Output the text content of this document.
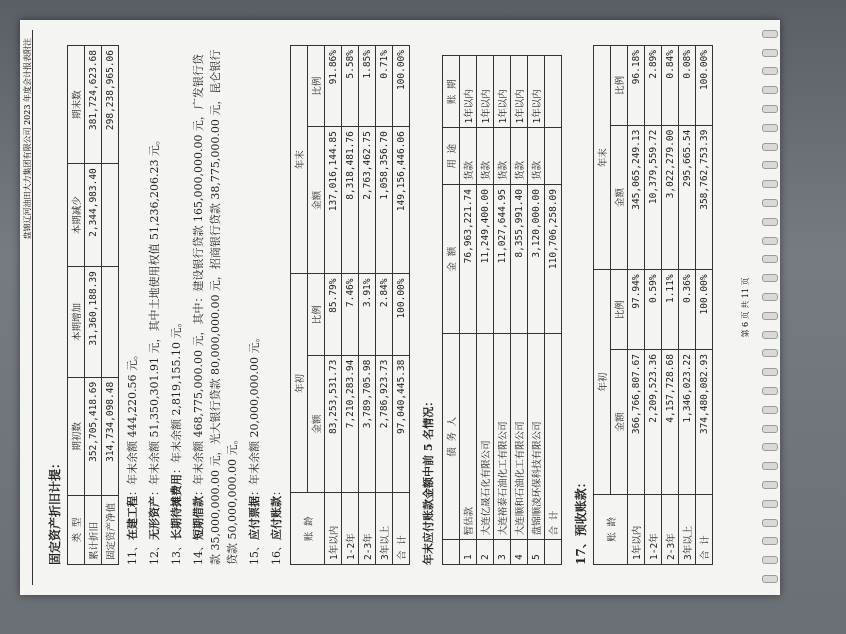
盘锦辽河油田大力集团有限公司 2023 年度会计报表附注
固定资产折旧计提： 类 型	期初数	本期增加	本期减少	期末数
累计折旧	352,705,418.69	31,360,188.39	2,344,983.40	381,724,623.68
固定资产净值	314,734,098.48			298,238,965.06

11、在建工程：年末余额 444,220.56 元。

12、无形资产：年末余额 51,350,301.91 元，其中土地使用权值 51,236,206.23 元。

13、长期待摊费用：年末余额 2,819,155.10 元。

14、短期借款：年末余额 468,775,000.00 元，其中：建设银行贷款 165,000,000.00 元，广发银行贷款 35,000,000.00 元，光大银行贷款 80,000,000.00 元，招商银行贷款 38,775,000.00 元，昆仑银行贷款 50,000,000.00 元。 15、应付票据：年末余额 20,000,000.00 元。

16、应付账款：

账 龄	年初		年末	
	金额	比例	金额	比例
1年以内	83,253,531.73	85.79%	137,016,144.85	91.86%
1-2年	7,210,283.94	7.46%	8,318,481.76	5.58%
2-3年	3,789,705.98	3.91%	2,763,462.75	1.85%
3年以上	2,786,923.73	2.84%	1,058,356.70	0.71%
合 计	97,040,445.38	100.00%	149,156,446.06	100.00%

年末应付账款金额中前 5 名情况：

	债 务 人	金 额	用 途	账 期
1	暂估款	76,963,221.74	货款	1年以内
2	大连亿晟石化有限公司	11,249,400.00	货款	1年以内
3	大连裕泰石油化工有限公司	11,027,644.95	货款	1年以内
4	大连顺和石油化工有限公司	8,355,991.40	货款	1年以内
5	盘锦顺凌环保科技有限公司	3,120,000.00	货款	1年以内
	合 计	110,706,258.09		
17、预收账款： 账 龄	年初		年末	
	金额	比例	金额	比例
1年以内	366,766,807.67	97.94%	345,065,249.13	96.18%
1-2年	2,209,523.36	0.59%	10,379,559.72	2.89%
2-3年	4,157,728.68	1.11%	3,022,279.00	0.84%
3年以上	1,346,023.22	0.36%	295,665.54	0.08%
合 计	374,480,082.93	100.00%	358,762,753.39	100.00%
第 6 页 共 11 页
